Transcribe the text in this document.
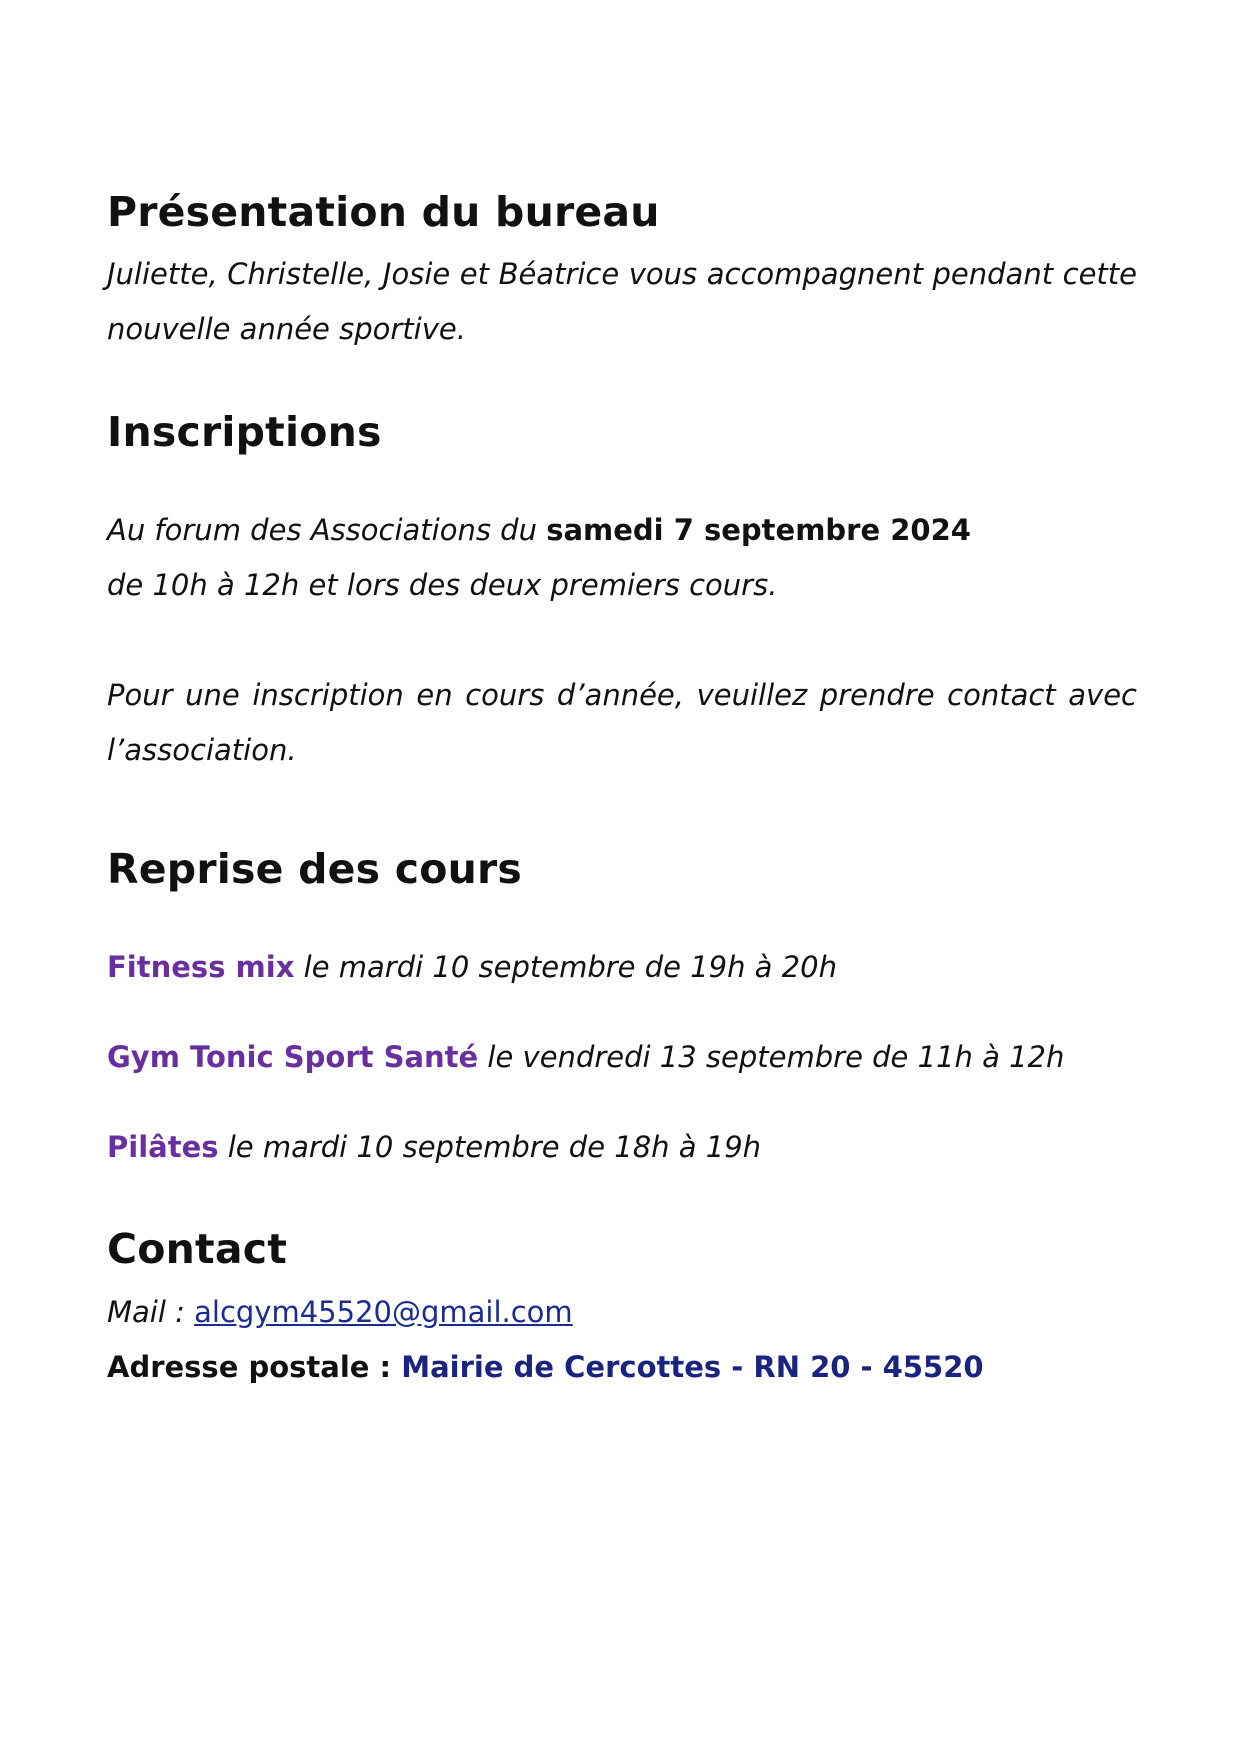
Présentation du bureau

Juliette, Christelle, Josie et Béatrice vous accompagnent pendant cette nouvelle année sportive.

Inscriptions

Au forum des Associations du samedi 7 septembre 2024

de 10h à 12h et lors des deux premiers cours.

Pour une inscription en cours d’année, veuillez prendre contact avec l’association.

Reprise des cours

Fitness mix le mardi 10 septembre de 19h à 20h

Gym Tonic Sport Santé le vendredi 13 septembre de 11h à 12h

Pilâtes le mardi 10 septembre de 18h à 19h

Contact

Mail : alcgym45520@gmail.com

Adresse postale : Mairie de Cercottes - RN 20 - 45520
